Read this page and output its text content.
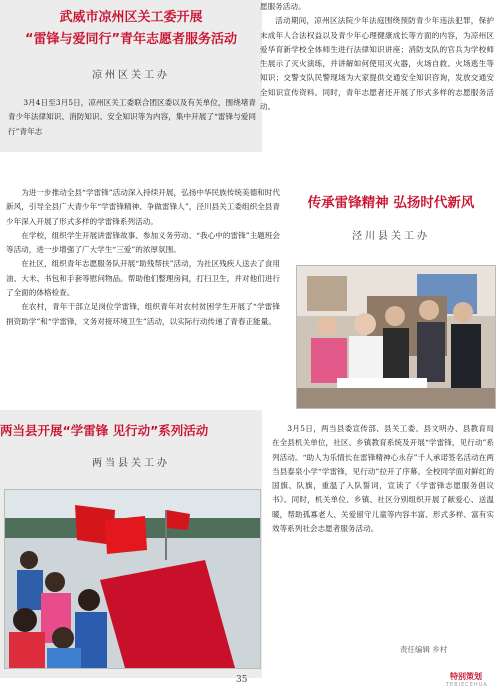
武威市凉州区关工委开展
“雷锋与爱同行”青年志愿者服务活动
凉州区关工办

3月4日至3月5日，凉州区关工委联合团区委以及有关单位，围绕堵青青少年法律知识、消防知识、安全知识等为内容，集中开展了“雷锋与爱同行”青年志

愿服务活动。

活动期间，凉州区法院少年法庭围绕预防青少年违法犯罪，保护未成年人合法权益以及青少年心理健康成长等方面的内容，为凉州区爱华育新学校全体师生进行法律知识讲座；消防支队的官兵为学校师生展示了灭火演练，并讲解如何使用灭火器，火场自救、火场逃生等知识；交警支队民警现场为大家提供交通安全知识咨询，发放交通安全知识宣传资料。同时，青年志愿者还开展了形式多样的志愿服务活动。

为进一步推动全县“学雷锋”活动深入持续开展，弘扬中华民族传统美德和时代新风，引导全县广大青少年“学雷锋精神、争做雷锋人”，泾川县关工委组织全县青少年深入开展了形式多样的学雷锋系列活动。

在学校，组织学生开展讲雷锋故事、参加义务劳动、“我心中的雷锋”主题班会等活动，进一步增强了广大学生“三爱”的浓厚氛围。

在社区，组织青年志愿服务队开展“助残帮扶”活动，为社区残疾人送去了食用油、大米、书包和手套等慰问物品。帮助他们整理房间，打扫卫生，并对他们进行了全面的体格检查。

在农村，青年干部立足岗位学雷锋，组织青年对农村贫困学生开展了“学雷锋捐资助学”和“学雷锋，文务对接环境卫生”活动，以实际行动传递了青春正能量。

传承雷锋精神 弘扬时代新风
泾川县关工办
两当县开展“学雷锋 见行动”系列活动
两当县关工办

3月5日，两当县委宣传部、县关工委、县文明办、县教育局在全县机关单位，社区、乡镇教育系统及开展“学雷锋，见行动”系列活动。“助人为乐情长在雷锋精神心永存”千人承诺签名活动在两当县泰泉小学“学雷锋，见行动”拉开了序幕。全校同学面对鲜红的国旗、队旗，重温了入队誓词，宣读了《学雷锋志愿服务倡议书》。同时，机关单位、乡镇、社区分别组织开展了献爱心、送温暖，帮助孤寡老人、关爱留守儿童等内容丰富、形式多样、富有实效等系列社会志愿者服务活动。

责任编辑 乡村
35	特别策划
TEBIECEHUA
